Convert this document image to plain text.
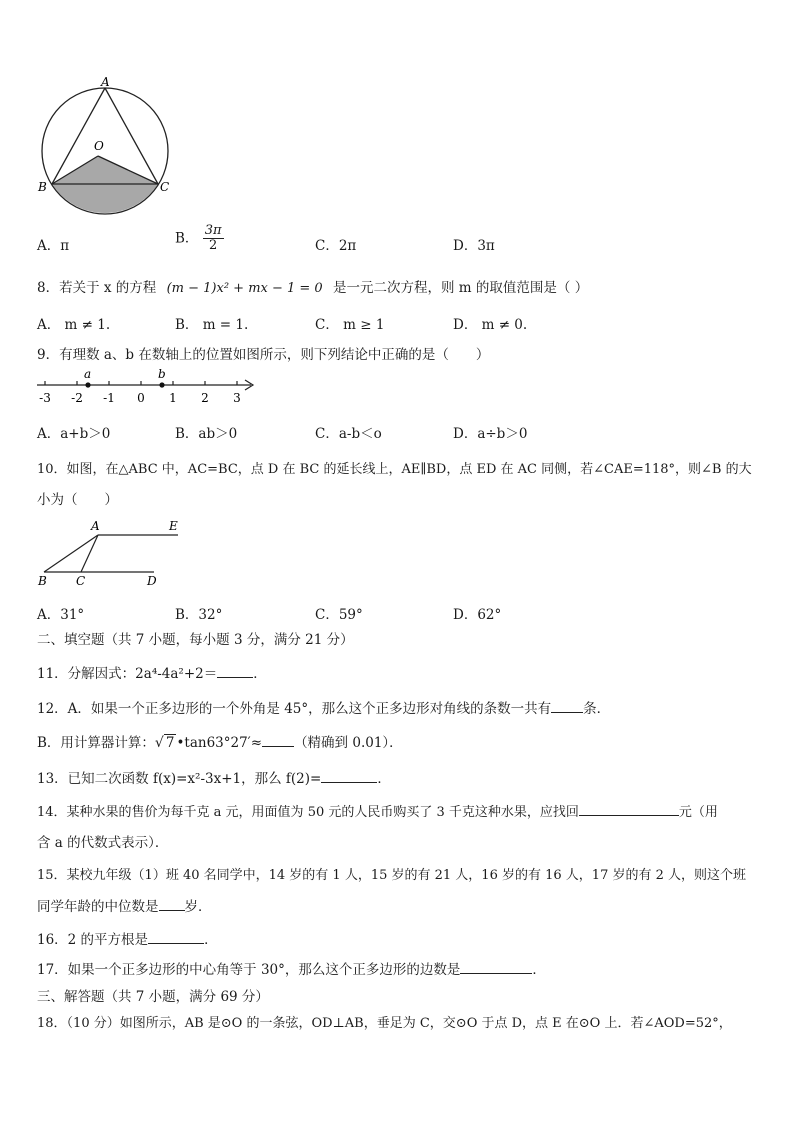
A
O
B	C
A．π	B． $\frac{3\pi}{2}$	C．2π	D．3π
8．若关于 x 的方程 (m − 1)x² + mx − 1 = 0 是一元二次方程，则 m 的取值范围是（ ）
A． m ≠ 1.	B． m = 1.	C． m ≥ 1	D． m ≠ 0.
9．有理数 a、b 在数轴上的位置如图所示，则下列结论中正确的是（　　）
-3 -2 -1 0 1 2 3
a	b
A．a+b＞0	B．ab＞0	C．a-b＜o	D．a÷b＞0
10．如图，在△ABC 中，AC=BC，点 D 在 BC 的延长线上，AE∥BD，点 ED 在 AC 同侧，若∠CAE=118°，则∠B 的大
小为（　　）
A	E
B C	D
A．31°	B．32°	C．59°	D．62°
二、填空题（共 7 小题，每小题 3 分，满分 21 分）
11．分解因式：2a⁴-4a²+2＝	．
12．A．如果一个正多边形的一个外角是 45°，那么这个正多边形对角线的条数一共有 条．
B．用计算器计算：√ 7 •tan63°27′≈ （精确到 0.01）．
13．已知二次函数 f(x)=x²-3x+1，那么 f(2)=	．
14．某种水果的售价为每千克 a 元，用面值为 50 元的人民币购买了 3 千克这种水果，应找回	元（用
含 a 的代数式表示）．
15．某校九年级（1）班 40 名同学中，14 岁的有 1 人，15 岁的有 21 人，16 岁的有 16 人，17 岁的有 2 人，则这个班
同学年龄的中位数是 岁．
16．2 的平方根是	．
17．如果一个正多边形的中心角等于 30°，那么这个正多边形的边数是	．
三、解答题（共 7 小题，满分 69 分）
18．（10 分）如图所示，AB 是⊙O 的一条弦，OD⊥AB，垂足为 C，交⊙O 于点 D，点 E 在⊙O 上．若∠AOD=52°，
